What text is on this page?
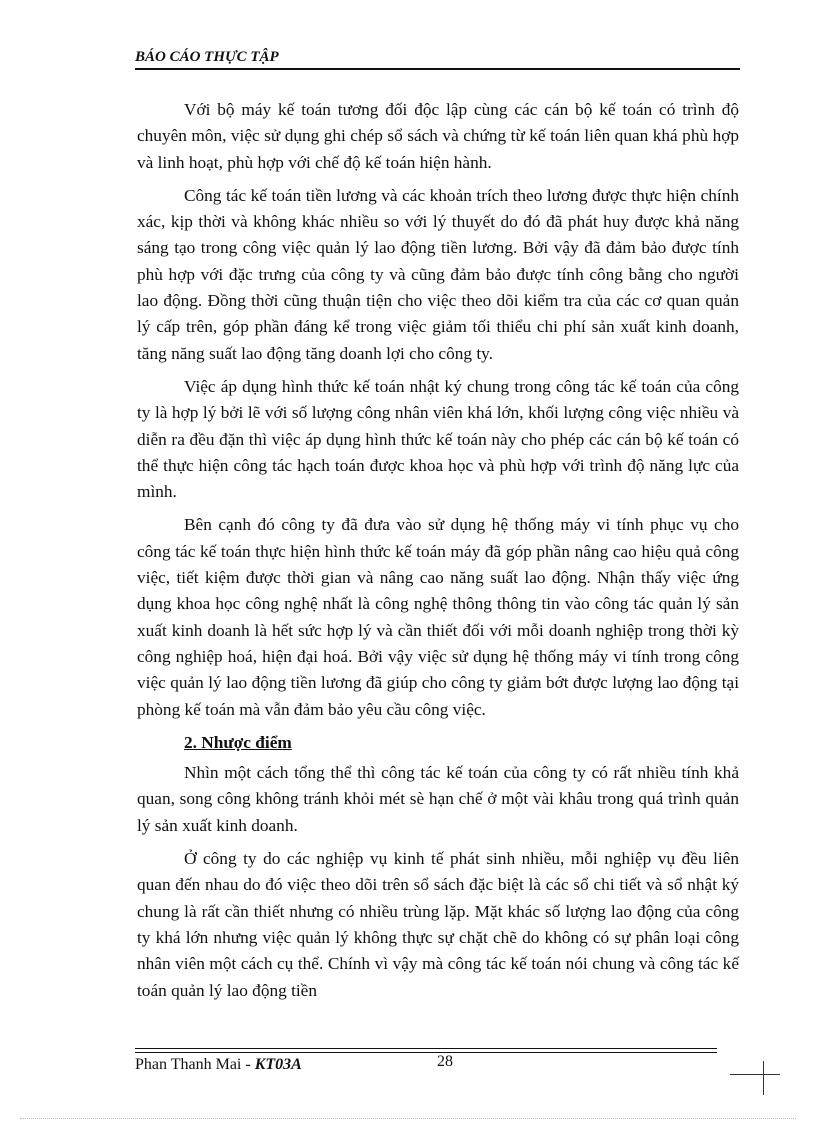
BÁO CÁO THỰC TẬP

Với bộ máy kế toán tương đối độc lập cùng các cán bộ kế toán có trình độ chuyên môn, việc sử dụng ghi chép sổ sách và chứng từ kế toán liên quan khá phù hợp và linh hoạt, phù hợp với chế độ kế toán hiện hành.

Công tác kế toán tiền lương và các khoản trích theo lương được thực hiện chính xác, kịp thời và không khác nhiều so với lý thuyết do đó đã phát huy được khả năng sáng tạo trong công việc quản lý lao động tiền lương. Bởi vậy đã đảm bảo được tính phù hợp với đặc trưng của công ty và cũng đảm bảo được tính công bằng cho người lao động. Đồng thời cũng thuận tiện cho việc theo dõi kiểm tra của các cơ quan quản lý cấp trên, góp phần đáng kể trong việc giảm tối thiểu chi phí sản xuất kinh doanh, tăng năng suất lao động tăng doanh lợi cho công ty.

Việc áp dụng hình thức kế toán nhật ký chung trong công tác kế toán của công ty là hợp lý bởi lẽ với số lượng công nhân viên khá lớn, khối lượng công việc nhiều và diễn ra đều đặn thì việc áp dụng hình thức kế toán này cho phép các cán bộ kế toán có thể thực hiện công tác hạch toán được khoa học và phù hợp với trình độ năng lực của mình.

Bên cạnh đó công ty đã đưa vào sử dụng hệ thống máy vi tính phục vụ cho công tác kế toán thực hiện hình thức kế toán máy đã góp phần nâng cao hiệu quả công việc, tiết kiệm được thời gian và nâng cao năng suất lao động. Nhận thấy việc ứng dụng khoa học công nghệ nhất là công nghệ thông thông tin vào công tác quản lý sản xuất kinh doanh là hết sức hợp lý và cần thiết đối với mỗi doanh nghiệp trong thời kỳ công nghiệp hoá, hiện đại hoá. Bởi vậy việc sử dụng hệ thống máy vi tính trong công việc quản lý lao động tiền lương đã giúp cho công ty giảm bớt được lượng lao động tại phòng kế toán mà vẫn đảm bảo yêu cầu công việc.

2. Nhược điểm

Nhìn một cách tổng thể thì công tác kế toán của công ty có rất nhiều tính khả quan, song công không tránh khỏi mét sè hạn chế ở một vài khâu trong quá trình quản lý sản xuất kinh doanh.

Ở công ty do các nghiệp vụ kinh tế phát sinh nhiều, mỗi nghiệp vụ đều liên quan đến nhau do đó việc theo dõi trên sổ sách đặc biệt là các sổ chi tiết và sổ nhật ký chung là rất cần thiết nhưng có nhiều trùng lặp. Mặt khác số lượng lao động của công ty khá lớn nhưng việc quản lý không thực sự chặt chẽ do không có sự phân loại công nhân viên một cách cụ thể. Chính vì vậy mà công tác kế toán nói chung và công tác kế toán quản lý lao động tiền

Phan Thanh Mai - KT03A	28
